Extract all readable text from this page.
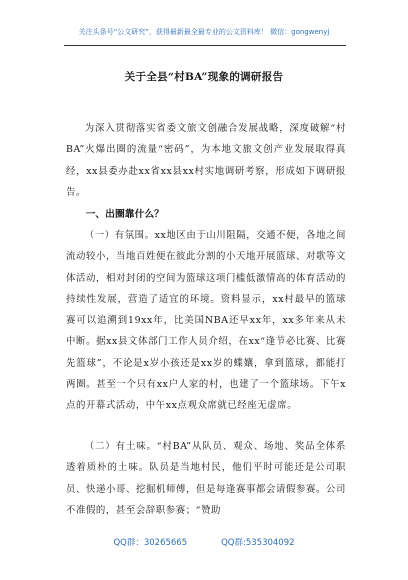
关注头条号“公文研究”，获得最新最全最专业的公文资料库！ 微信：gongwenyj
关于全县“村BA”现象的调研报告

为深入贯彻落实省委文旅文创融合发展战略，深度破解“村BA”火爆出圈的流量“密码”，为本地文旅文创产业发展取得真经，xx县委办赴xx省xx县xx村实地调研考察，形成如下调研报告。

一、出圈靠什么？

（一）有氛围。xx地区由于山川阻隔，交通不便，各地之间流动较小，当地百姓便在彼此分割的小天地开展篮球、对歌等文体活动，相对封闭的空间为篮球这项门槛低激情高的体育活动的持续性发展，营造了适宜的环境。资料显示，xx村最早的篮球赛可以追溯到19xx年，比美国NBA还早xx年，xx多年来从未中断。据xx县文体部门工作人员介绍，在xx“逢节必比赛、比赛先篮球”，不论是x岁小孩还是xx岁的蝶孃，拿到篮球，都能打两圈。甚至一个只有xx户人家的村，也建了一个篮球场。下午x点的开幕式活动，中午xx点观众席就已经座无虚席。

（二）有土味。“村BA”从队员、观众、场地、奖品全体系透着质朴的土味。队员是当地村民，他们平时可能还是公司职员、快递小哥、挖掘机师傅，但是每逢赛事都会请假参赛。公司不准假的，甚至会辞职参赛；“赞助

QQ群：30265665	QQ群:535304092
